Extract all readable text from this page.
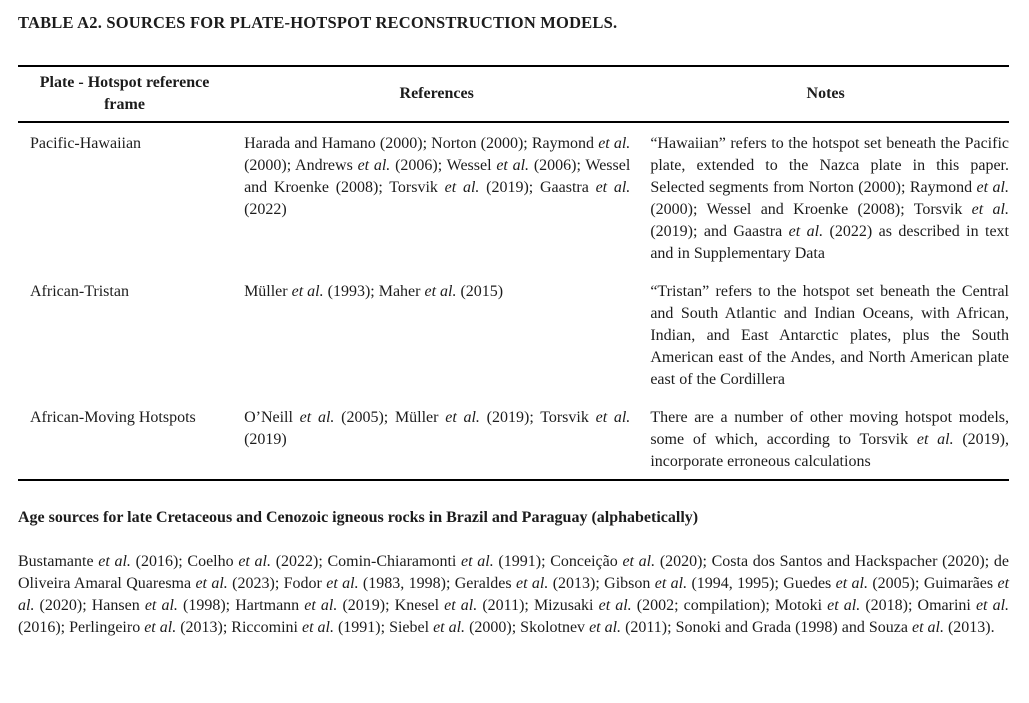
TABLE A2. SOURCES FOR PLATE-HOTSPOT RECONSTRUCTION MODELS.

Plate - Hotspot reference frame	References	Notes
Pacific-Hawaiian	Harada and Hamano (2000); Norton (2000); Raymond et al. (2000); Andrews et al. (2006); Wessel et al. (2006); Wessel and Kroenke (2008); Torsvik et al. (2019); Gaastra et al. (2022)	“Hawaiian” refers to the hotspot set beneath the Pacific plate, extended to the Nazca plate in this paper. Selected segments from Norton (2000); Raymond et al. (2000); Wessel and Kroenke (2008); Torsvik et al. (2019); and Gaastra et al. (2022) as described in text and in Supplementary Data
African-Tristan	Müller et al. (1993); Maher et al. (2015)	“Tristan” refers to the hotspot set beneath the Central and South Atlantic and Indian Oceans, with African, Indian, and East Antarctic plates, plus the South American east of the Andes, and North American plate east of the Cordillera
African-Moving Hotspots	O’Neill et al. (2005); Müller et al. (2019); Torsvik et al. (2019)	There are a number of other moving hotspot models, some of which, according to Torsvik et al. (2019), incorporate erroneous calculations

Age sources for late Cretaceous and Cenozoic igneous rocks in Brazil and Paraguay (alphabetically)

Bustamante et al. (2016); Coelho et al. (2022); Comin-Chiaramonti et al. (1991); Conceição et al. (2020); Costa dos Santos and Hackspacher (2020); de Oliveira Amaral Quaresma et al. (2023); Fodor et al. (1983, 1998); Geraldes et al. (2013); Gibson et al. (1994, 1995); Guedes et al. (2005); Guimarães et al. (2020); Hansen et al. (1998); Hartmann et al. (2019); Knesel et al. (2011); Mizusaki et al. (2002; compilation); Motoki et al. (2018); Omarini et al. (2016); Perlingeiro et al. (2013); Riccomini et al. (1991); Siebel et al. (2000); Skolotnev et al. (2011); Sonoki and Grada (1998) and Souza et al. (2013).
